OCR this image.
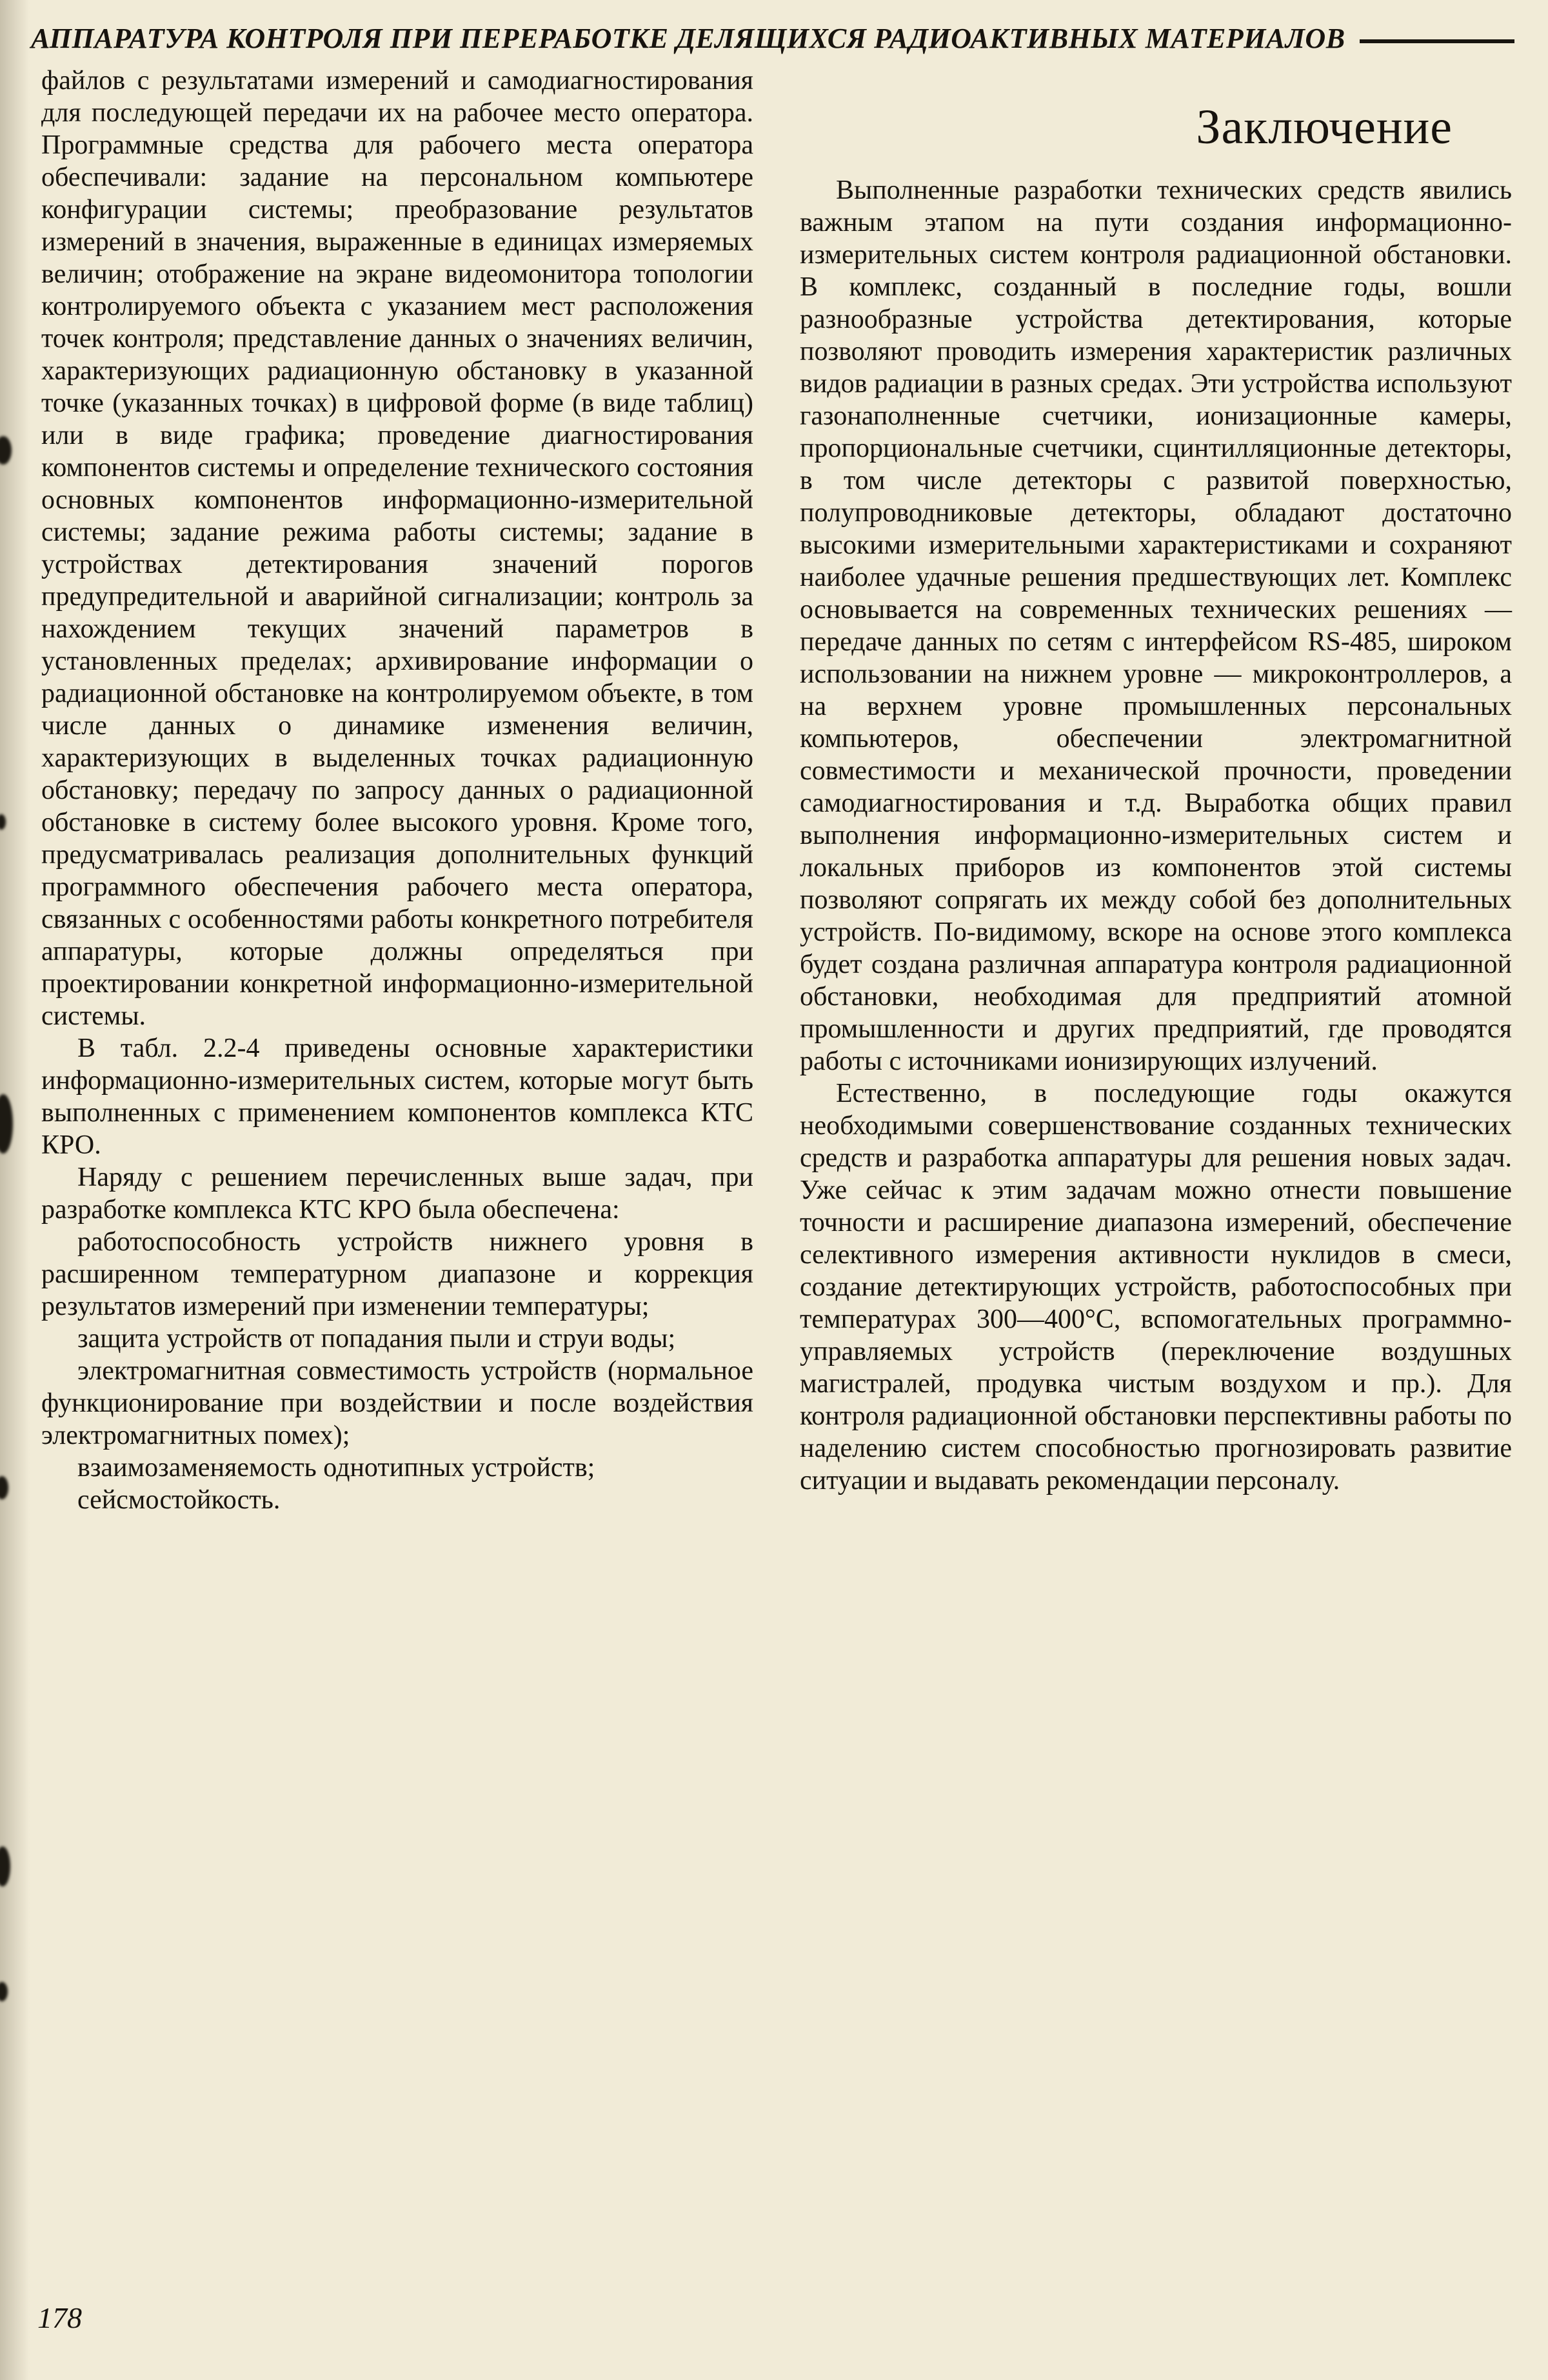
АППАРАТУРА КОНТРОЛЯ ПРИ ПЕРЕРАБОТКЕ ДЕЛЯЩИХСЯ РАДИОАКТИВНЫХ МАТЕРИАЛОВ

файлов с результатами измерений и самодиагностирования для последующей передачи их на рабочее место оператора. Программные средства для рабочего места оператора обеспечивали: задание на персональном компьютере конфигурации системы; преобразование результатов измерений в значения, выраженные в единицах измеряемых величин; отображение на экране видеомонитора топологии контролируемого объекта с указанием мест расположения точек контроля; представление данных о значениях величин, характеризующих радиационную обстановку в указанной точке (указанных точках) в цифровой форме (в виде таблиц) или в виде графика; проведение диагностирования компонентов системы и определение технического состояния основных компонентов информационно-измерительной системы; задание режима работы системы; задание в устройствах детектирования значений порогов предупредительной и аварийной сигнализации; контроль за нахождением текущих значений параметров в установленных пределах; архивирование информации о радиационной обстановке на контролируемом объекте, в том числе данных о динамике изменения величин, характеризующих в выделенных точках радиационную обстановку; передачу по запросу данных о радиационной обстановке в систему более высокого уровня. Кроме того, предусматривалась реализация дополнительных функций программного обеспечения рабочего места оператора, связанных с особенностями работы конкретного потребителя аппаратуры, которые должны определяться при проектировании конкретной информационно-измерительной системы.

В табл. 2.2-4 приведены основные характеристики информационно-измерительных систем, которые могут быть выполненных с применением компонентов комплекса КТС КРО.

Наряду с решением перечисленных выше задач, при разработке комплекса КТС КРО была обеспечена:

работоспособность устройств нижнего уровня в расширенном температурном диапазоне и коррекция результатов измерений при изменении температуры;

защита устройств от попадания пыли и струи воды;

электромагнитная совместимость устройств (нормальное функционирование при воздействии и после воздействия электромагнитных помех);

взаимозаменяемость однотипных устройств;

сейсмостойкость.

Заключение

Выполненные разработки технических средств явились важным этапом на пути создания информационно-измерительных систем контроля радиационной обстановки. В комплекс, созданный в последние годы, вошли разнообразные устройства детектирования, которые позволяют проводить измерения характеристик различных видов радиации в разных средах. Эти устройства используют газонаполненные счетчики, ионизационные камеры, пропорциональные счетчики, сцинтилляционные детекторы, в том числе детекторы с развитой поверхностью, полупроводниковые детекторы, обладают достаточно высокими измерительными характеристиками и сохраняют наиболее удачные решения предшествующих лет. Комплекс основывается на современных технических решениях — передаче данных по сетям с интерфейсом RS-485, широком использовании на нижнем уровне — микроконтроллеров, а на верхнем уровне промышленных персональных компьютеров, обеспечении электромагнитной совместимости и механической прочности, проведении самодиагностирования и т.д. Выработка общих правил выполнения информационно-измерительных систем и локальных приборов из компонентов этой системы позволяют сопрягать их между собой без дополнительных устройств. По-видимому, вскоре на основе этого комплекса будет создана различная аппаратура контроля радиационной обстановки, необходимая для предприятий атомной промышленности и других предприятий, где проводятся работы с источниками ионизирующих излучений.

Естественно, в последующие годы окажутся необходимыми совершенствование созданных технических средств и разработка аппаратуры для решения новых задач. Уже сейчас к этим задачам можно отнести повышение точности и расширение диапазона измерений, обеспечение селективного измерения активности нуклидов в смеси, создание детектирующих устройств, работоспособных при температурах 300—400°С, вспомогательных программно-управляемых устройств (переключение воздушных магистралей, продувка чистым воздухом и пр.). Для контроля радиационной обстановки перспективны работы по наделению систем способностью прогнозировать развитие ситуации и выдавать рекомендации персоналу.

178
